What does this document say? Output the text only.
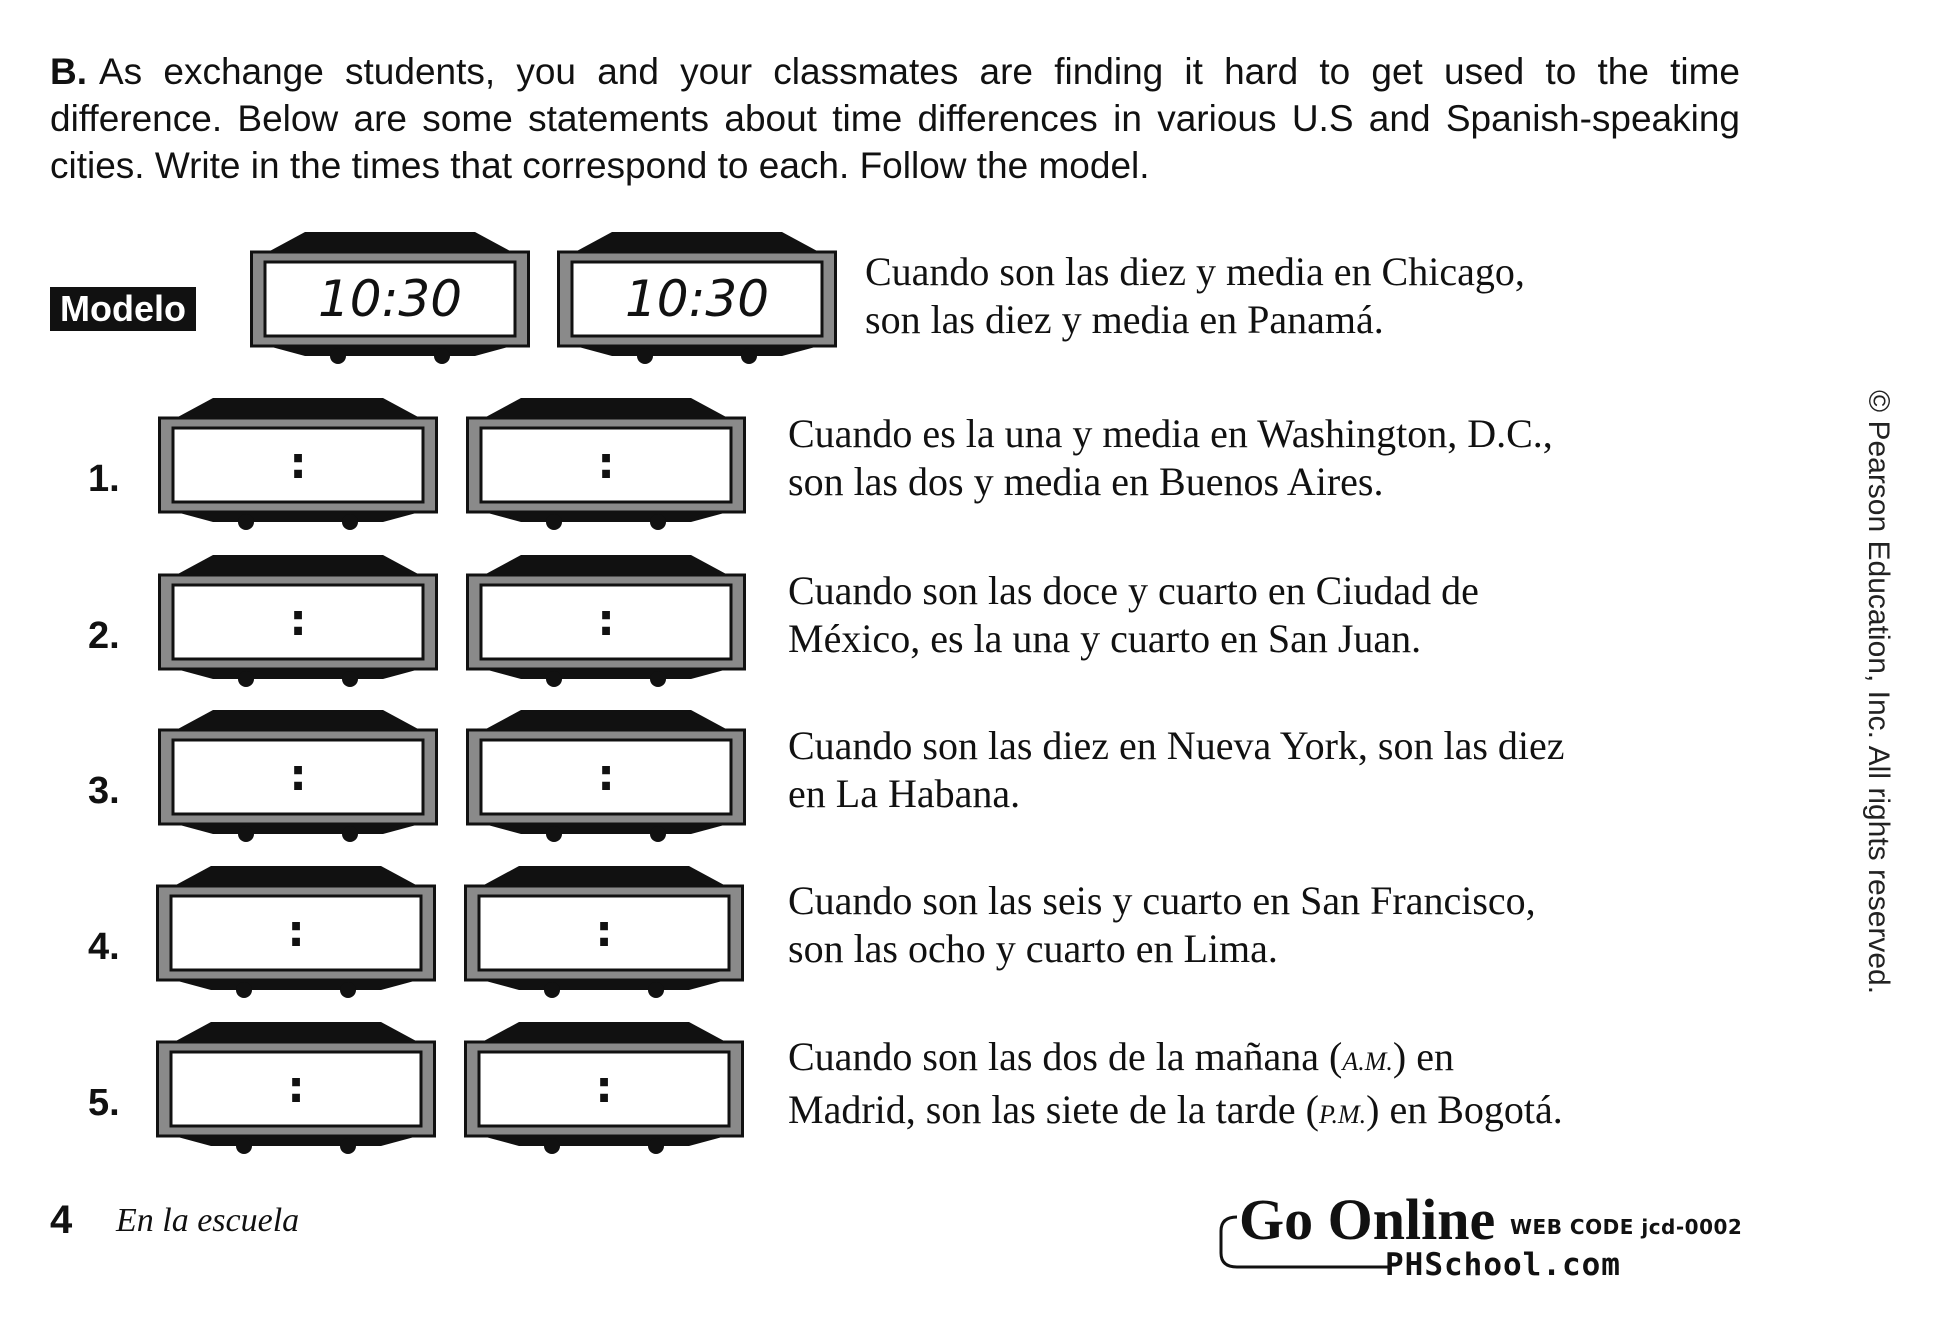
B. As exchange students, you and your classmates are finding it hard to get used to the time difference. Below are some statements about time differences in various U.S and Spanish-speaking cities. Write in the times that correspond to each. Follow the model.
Modelo	10:30	10:30	Cuando son las diez y media en Chicago,
son las diez y media en Panamá.
1.	:	:
Cuando es la una y media en Washington, D.C.,
son las dos y media en Buenos Aires.
2.	:	:
Cuando son las doce y cuarto en Ciudad de
México, es la una y cuarto en San Juan.
3.	:	:
Cuando son las diez en Nueva York, son las diez
en La Habana.
4.	:	:
Cuando son las seis y cuarto en San Francisco,
son las ocho y cuarto en Lima.
5.	:	:
Cuando son las dos de la mañana (A.M.) en
Madrid, son las siete de la tarde (P.M.) en Bogotá.
© Pearson Education, Inc. All rights reserved.
4 En la escuela	Go Online WEB CODE jcd-0002
PHSchool.com
